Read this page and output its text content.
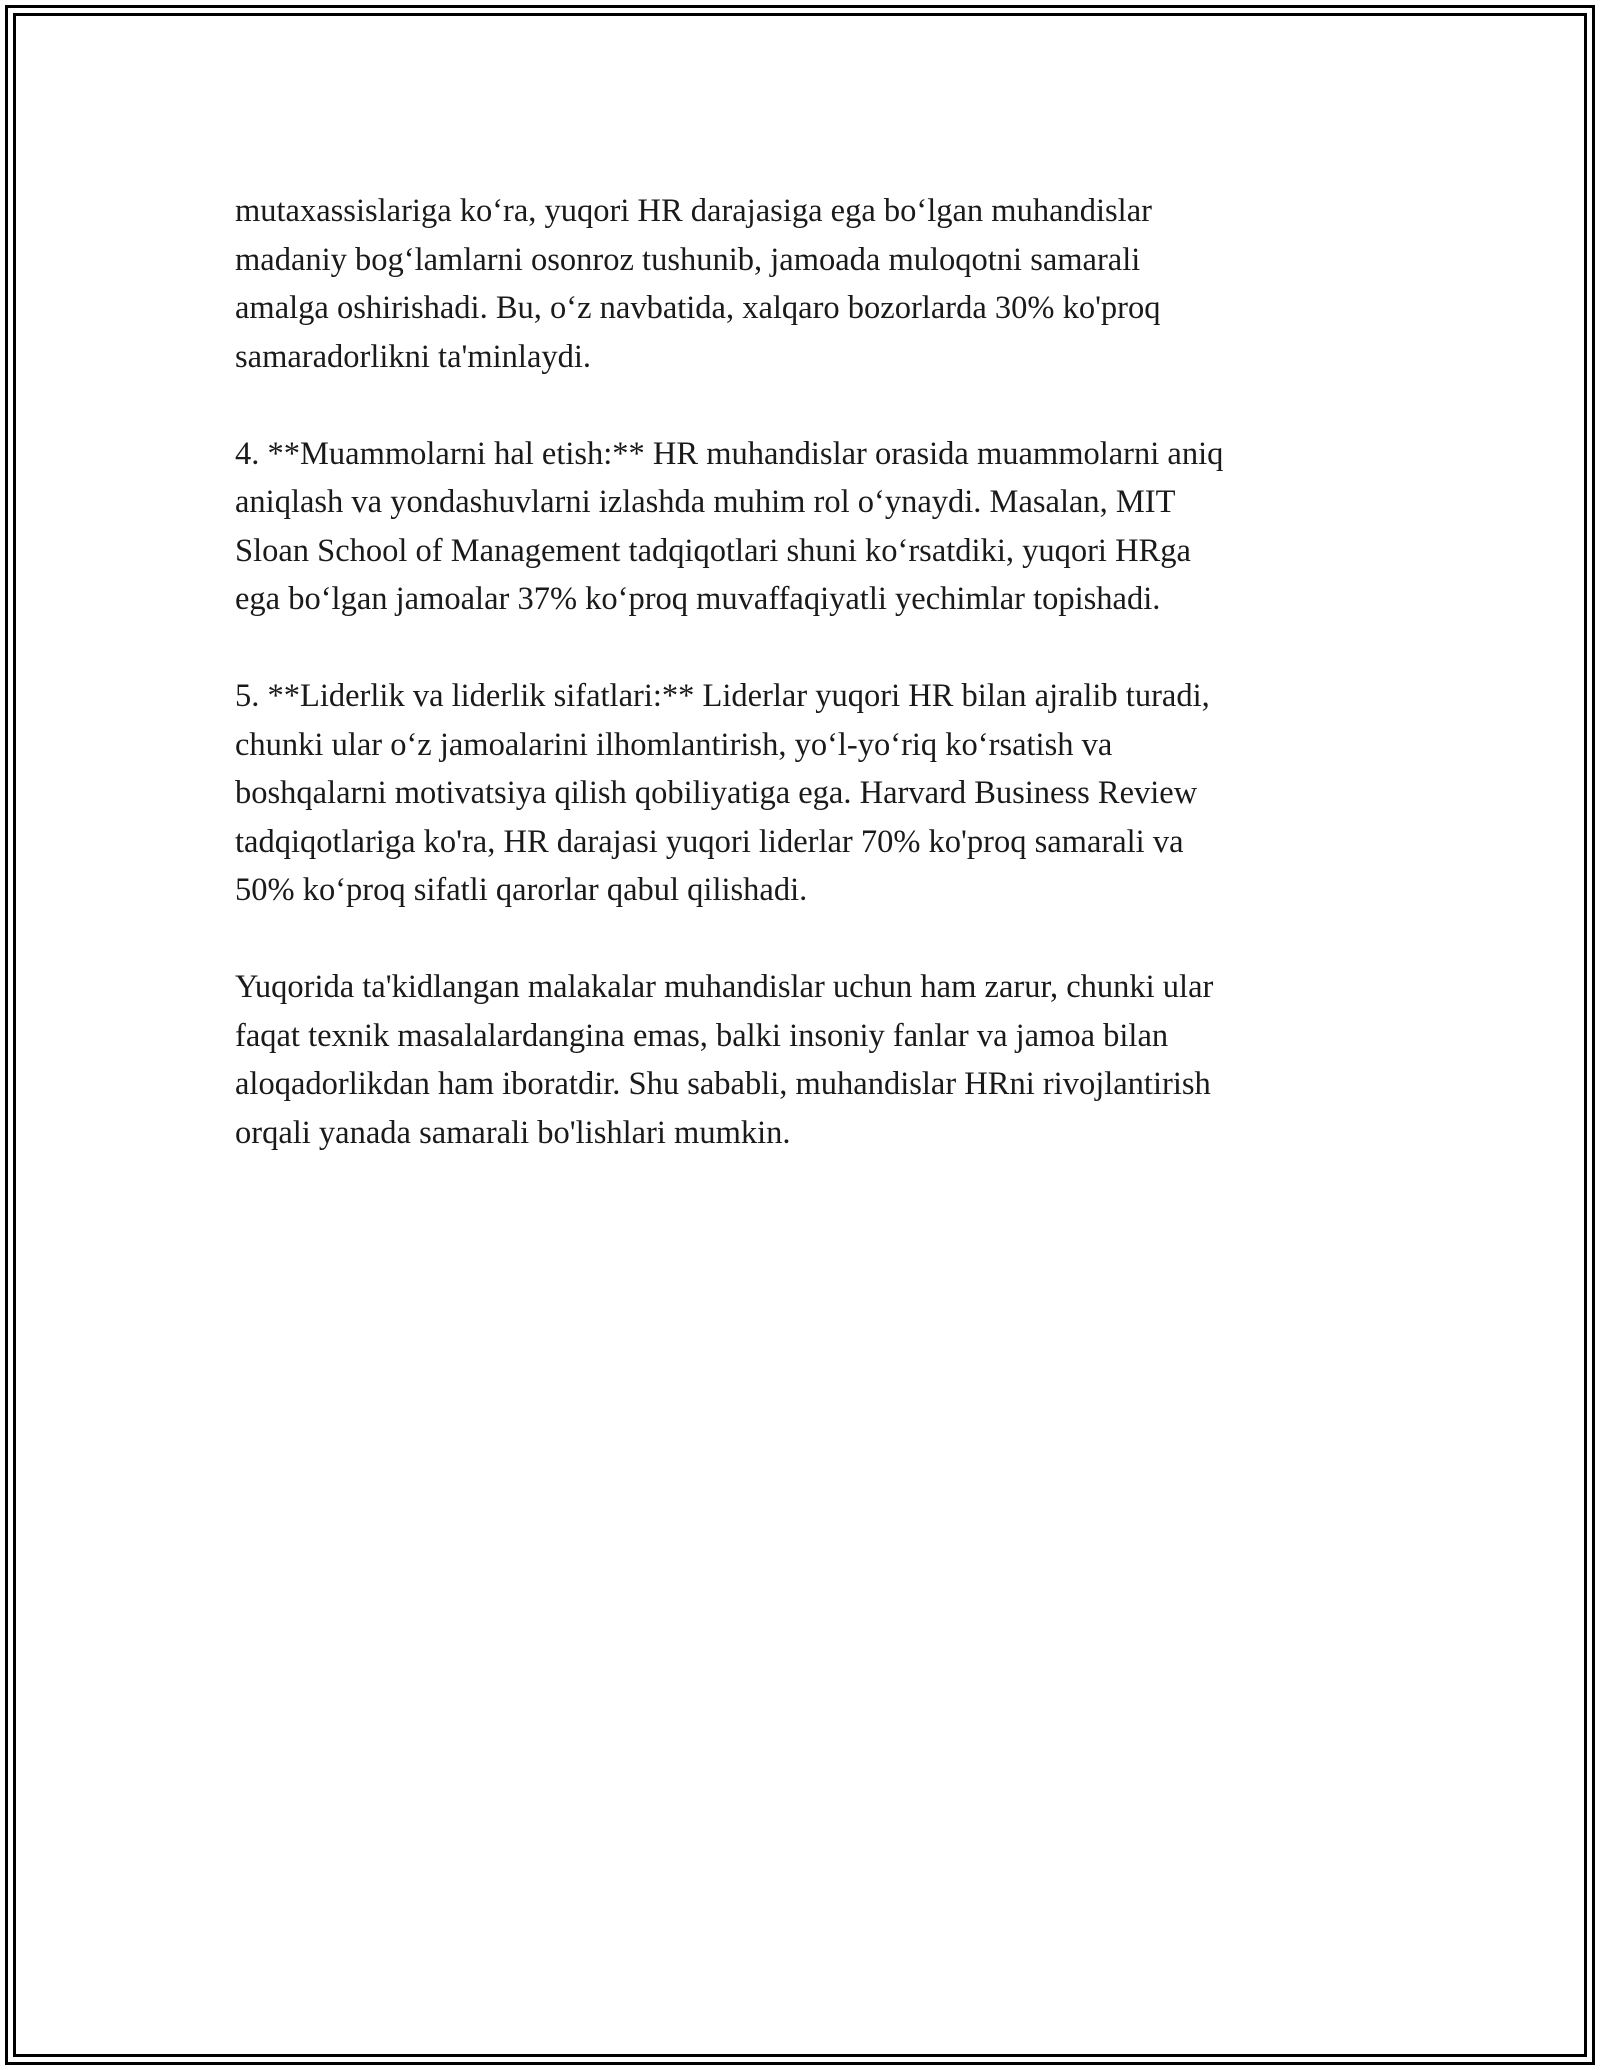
mutaxassislariga ko‘ra, yuqori HR darajasiga ega bo‘lgan muhandislar
madaniy bog‘lamlarni osonroz tushunib, jamoada muloqotni samarali
amalga oshirishadi. Bu, o‘z navbatida, xalqaro bozorlarda 30% ko'proq
samaradorlikni ta'minlaydi.

4. **Muammolarni hal etish:** HR muhandislar orasida muammolarni aniq
aniqlash va yondashuvlarni izlashda muhim rol o‘ynaydi. Masalan, MIT
Sloan School of Management tadqiqotlari shuni ko‘rsatdiki, yuqori HRga
ega bo‘lgan jamoalar 37% ko‘proq muvaffaqiyatli yechimlar topishadi.

5. **Liderlik va liderlik sifatlari:** Liderlar yuqori HR bilan ajralib turadi,
chunki ular o‘z jamoalarini ilhomlantirish, yo‘l-yo‘riq ko‘rsatish va
boshqalarni motivatsiya qilish qobiliyatiga ega. Harvard Business Review
tadqiqotlariga ko'ra, HR darajasi yuqori liderlar 70% ko'proq samarali va
50% ko‘proq sifatli qarorlar qabul qilishadi.

Yuqorida ta'kidlangan malakalar muhandislar uchun ham zarur, chunki ular
faqat texnik masalalardangina emas, balki insoniy fanlar va jamoa bilan
aloqadorlikdan ham iboratdir. Shu sababli, muhandislar HRni rivojlantirish
orqali yanada samarali bo'lishlari mumkin.
